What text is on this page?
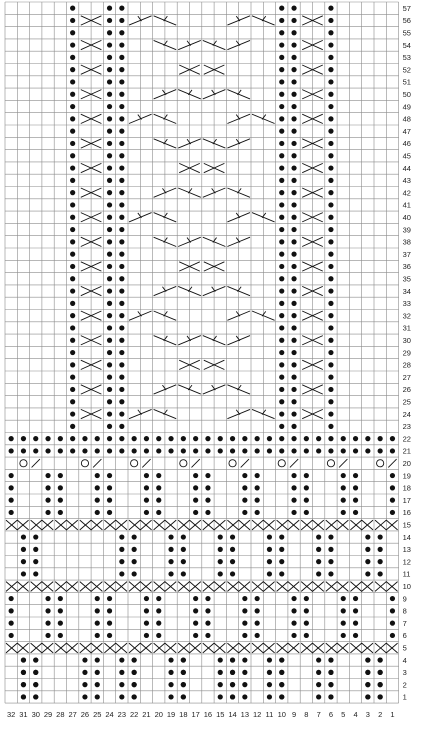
1
2
3
4
5
6
7
8
9
10
11
12
13
14
15
16
17
18
19
20
21
22
23
24
25
26
27
28
29
30
31
32
33
34
35
36
37
38
39
40
41
42
43
44
45
46
47
48
49
50
51
52
53
54
55
56
57
32 31 30 29 28 27 26 25 24 23 22 21 20 19 18 17 16 15 14 13 12 11 10 9 8 7 6 5 4 3 2 1
